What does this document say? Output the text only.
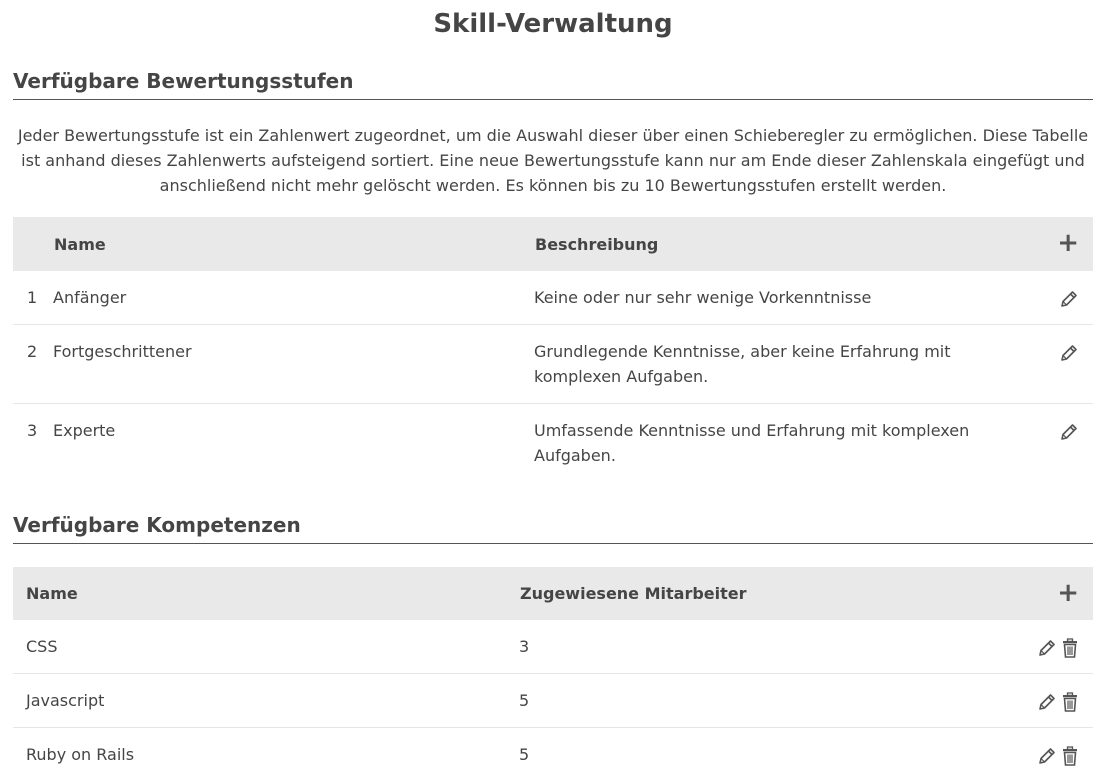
Skill-Verwaltung
Verfügbare Bewertungsstufen

Jeder Bewertungsstufe ist ein Zahlenwert zugeordnet, um die Auswahl dieser über einen Schieberegler zu ermöglichen. Diese Tabelle ist anhand dieses Zahlenwerts aufsteigend sortiert. Eine neue Bewertungsstufe kann nur am Ende dieser Zahlenskala eingefügt und anschließend nicht mehr gelöscht werden. Es können bis zu 10 Bewertungsstufen erstellt werden.

	Name	Beschreibung	+
1	Anfänger	Keine oder nur sehr wenige Vorkenntnisse	

2	Fortgeschrittener	Grundlegende Kenntnisse, aber keine Erfahrung mit komplexen Aufgaben.	

3	Experte	Umfassende Kenntnisse und Erfahrung mit komplexen Aufgaben.	
Verfügbare Kompetenzen
Name	Zugewiesene Mitarbeiter	+
CSS	3	

Javascript	5	

Ruby on Rails	5	
